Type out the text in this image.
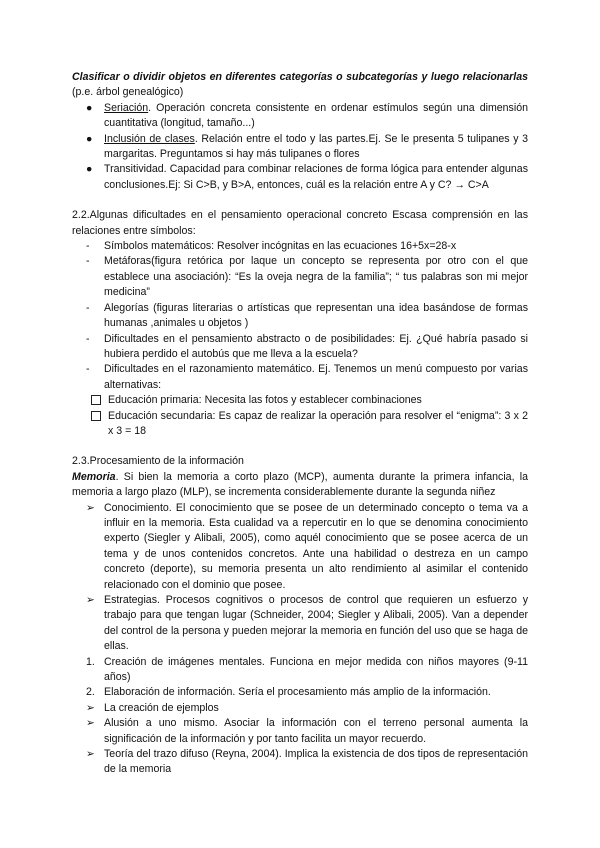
Clasificar o dividir objetos en diferentes categorías o subcategorías y luego relacionarlas (p.e. árbol genealógico)

●	Seriación. Operación concreta consistente en ordenar estímulos según una dimensión cuantitativa (longitud, tamaño...)
●	Inclusión de clases. Relación entre el todo y las partes.Ej. Se le presenta 5 tulipanes y 3 margaritas. Preguntamos si hay más tulipanes o flores
●	Transitividad. Capacidad para combinar relaciones de forma lógica para entender algunas conclusiones.Ej: Si C>B, y B>A, entonces, cuál es la relación entre A y C? → C>A

2.2.Algunas dificultades en el pensamiento operacional concreto Escasa comprensión en las relaciones entre símbolos:

-	Símbolos matemáticos: Resolver incógnitas en las ecuaciones 16+5x=28-x
-	Metáforas(figura retórica por laque un concepto se representa por otro con el que establece una asociación): “Es la oveja negra de la familia”; “ tus palabras son mi mejor medicina”
-	Alegorías (figuras literarias o artísticas que representan una idea basándose de formas humanas ,animales u objetos )
-	Dificultades en el pensamiento abstracto o de posibilidades: Ej. ¿Qué habría pasado si hubiera perdido el autobús que me lleva a la escuela?
-	Dificultades en el razonamiento matemático. Ej. Tenemos un menú compuesto por varias alternativas:
Educación primaria: Necesita las fotos y establecer combinaciones
Educación secundaria: Es capaz de realizar la operación para resolver el “enigma”: 3 x 2 x 3 = 18

2.3.Procesamiento de la información

Memoria. Si bien la memoria a corto plazo (MCP), aumenta durante la primera infancia, la memoria a largo plazo (MLP), se incrementa considerablemente durante la segunda niñez

➢ Conocimiento. El conocimiento que se posee de un determinado concepto o tema va a influir en la memoria. Esta cualidad va a repercutir en lo que se denomina conocimiento experto (Siegler y Alibali, 2005), como aquél conocimiento que se posee acerca de un tema y de unos contenidos concretos. Ante una habilidad o destreza en un campo concreto (deporte), su memoria presenta un alto rendimiento al asimilar el contenido relacionado con el dominio que posee.
➢ Estrategias. Procesos cognitivos o procesos de control que requieren un esfuerzo y trabajo para que tengan lugar (Schneider, 2004; Siegler y Alibali, 2005). Van a depender del control de la persona y pueden mejorar la memoria en función del uso que se haga de ellas.
1. Creación de imágenes mentales. Funciona en mejor medida con niños mayores (9-11 años)
2. Elaboración de información. Sería el procesamiento más amplio de la información.
➢ La creación de ejemplos
➢ Alusión a uno mismo. Asociar la información con el terreno personal aumenta la significación de la información y por tanto facilita un mayor recuerdo.
➢ Teoría del trazo difuso (Reyna, 2004). Implica la existencia de dos tipos de representación de la memoria
